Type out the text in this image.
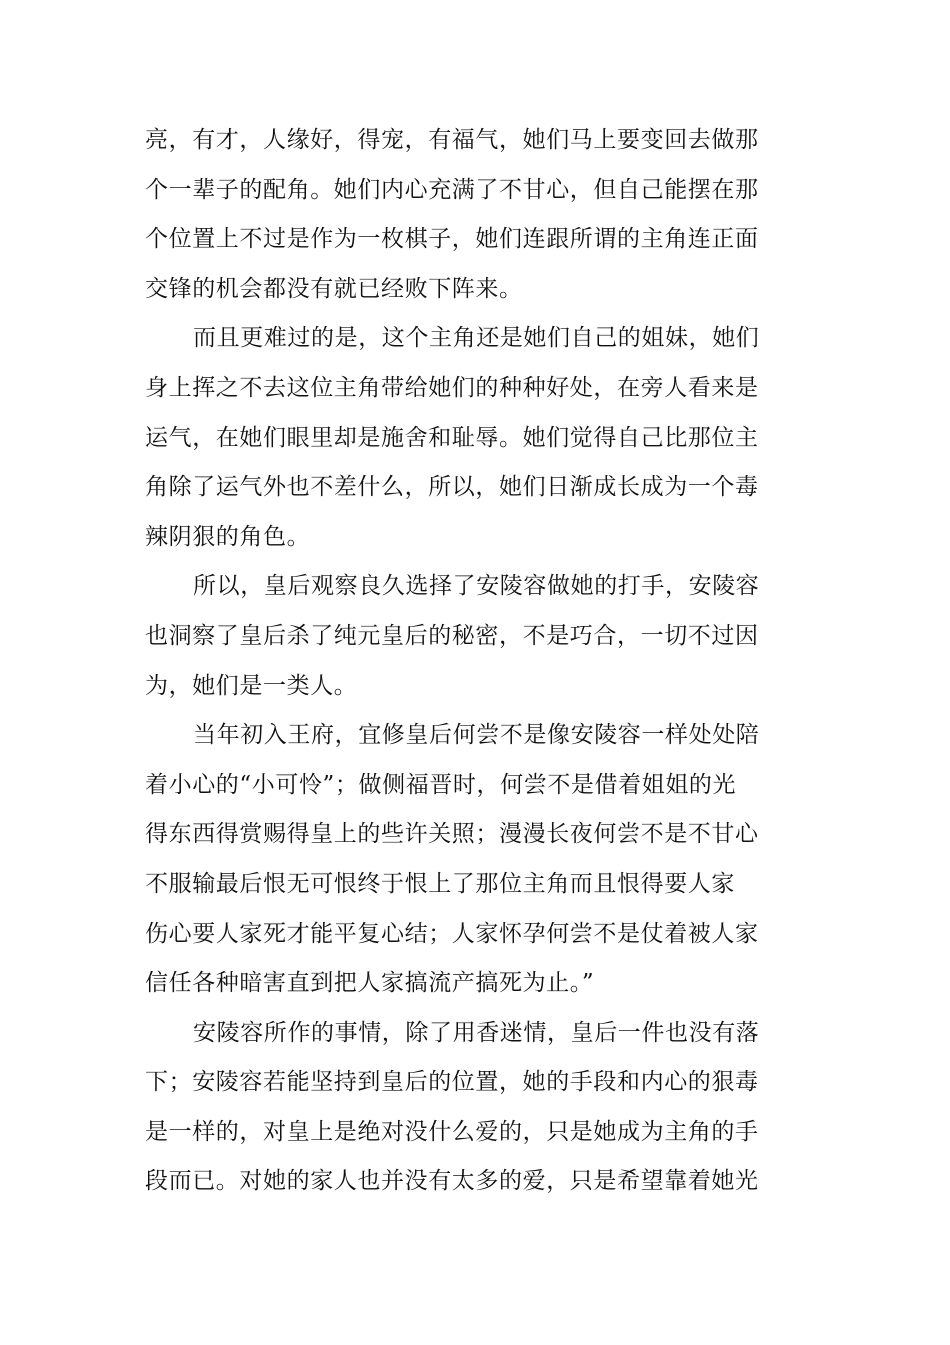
亮，有才，人缘好，得宠，有福气，她们马上要变回去做那
个一辈子的配角。她们内心充满了不甘心，但自己能摆在那
个位置上不过是作为一枚棋子，她们连跟所谓的主角连正面
交锋的机会都没有就已经败下阵来。
而且更难过的是，这个主角还是她们自己的姐妹，她们
身上挥之不去这位主角带给她们的种种好处，在旁人看来是
运气，在她们眼里却是施舍和耻辱。她们觉得自己比那位主
角除了运气外也不差什么，所以，她们日渐成长成为一个毒
辣阴狠的角色。
所以，皇后观察良久选择了安陵容做她的打手，安陵容
也洞察了皇后杀了纯元皇后的秘密，不是巧合，一切不过因
为，她们是一类人。
当年初入王府，宜修皇后何尝不是像安陵容一样处处陪
着小心的“小可怜”；做侧福晋时，何尝不是借着姐姐的光
得东西得赏赐得皇上的些许关照；漫漫长夜何尝不是不甘心
不服输最后恨无可恨终于恨上了那位主角而且恨得要人家
伤心要人家死才能平复心结；人家怀孕何尝不是仗着被人家
信任各种暗害直到把人家搞流产搞死为止。”
安陵容所作的事情，除了用香迷情，皇后一件也没有落
下；安陵容若能坚持到皇后的位置，她的手段和内心的狠毒
是一样的，对皇上是绝对没什么爱的，只是她成为主角的手
段而已。对她的家人也并没有太多的爱，只是希望靠着她光
